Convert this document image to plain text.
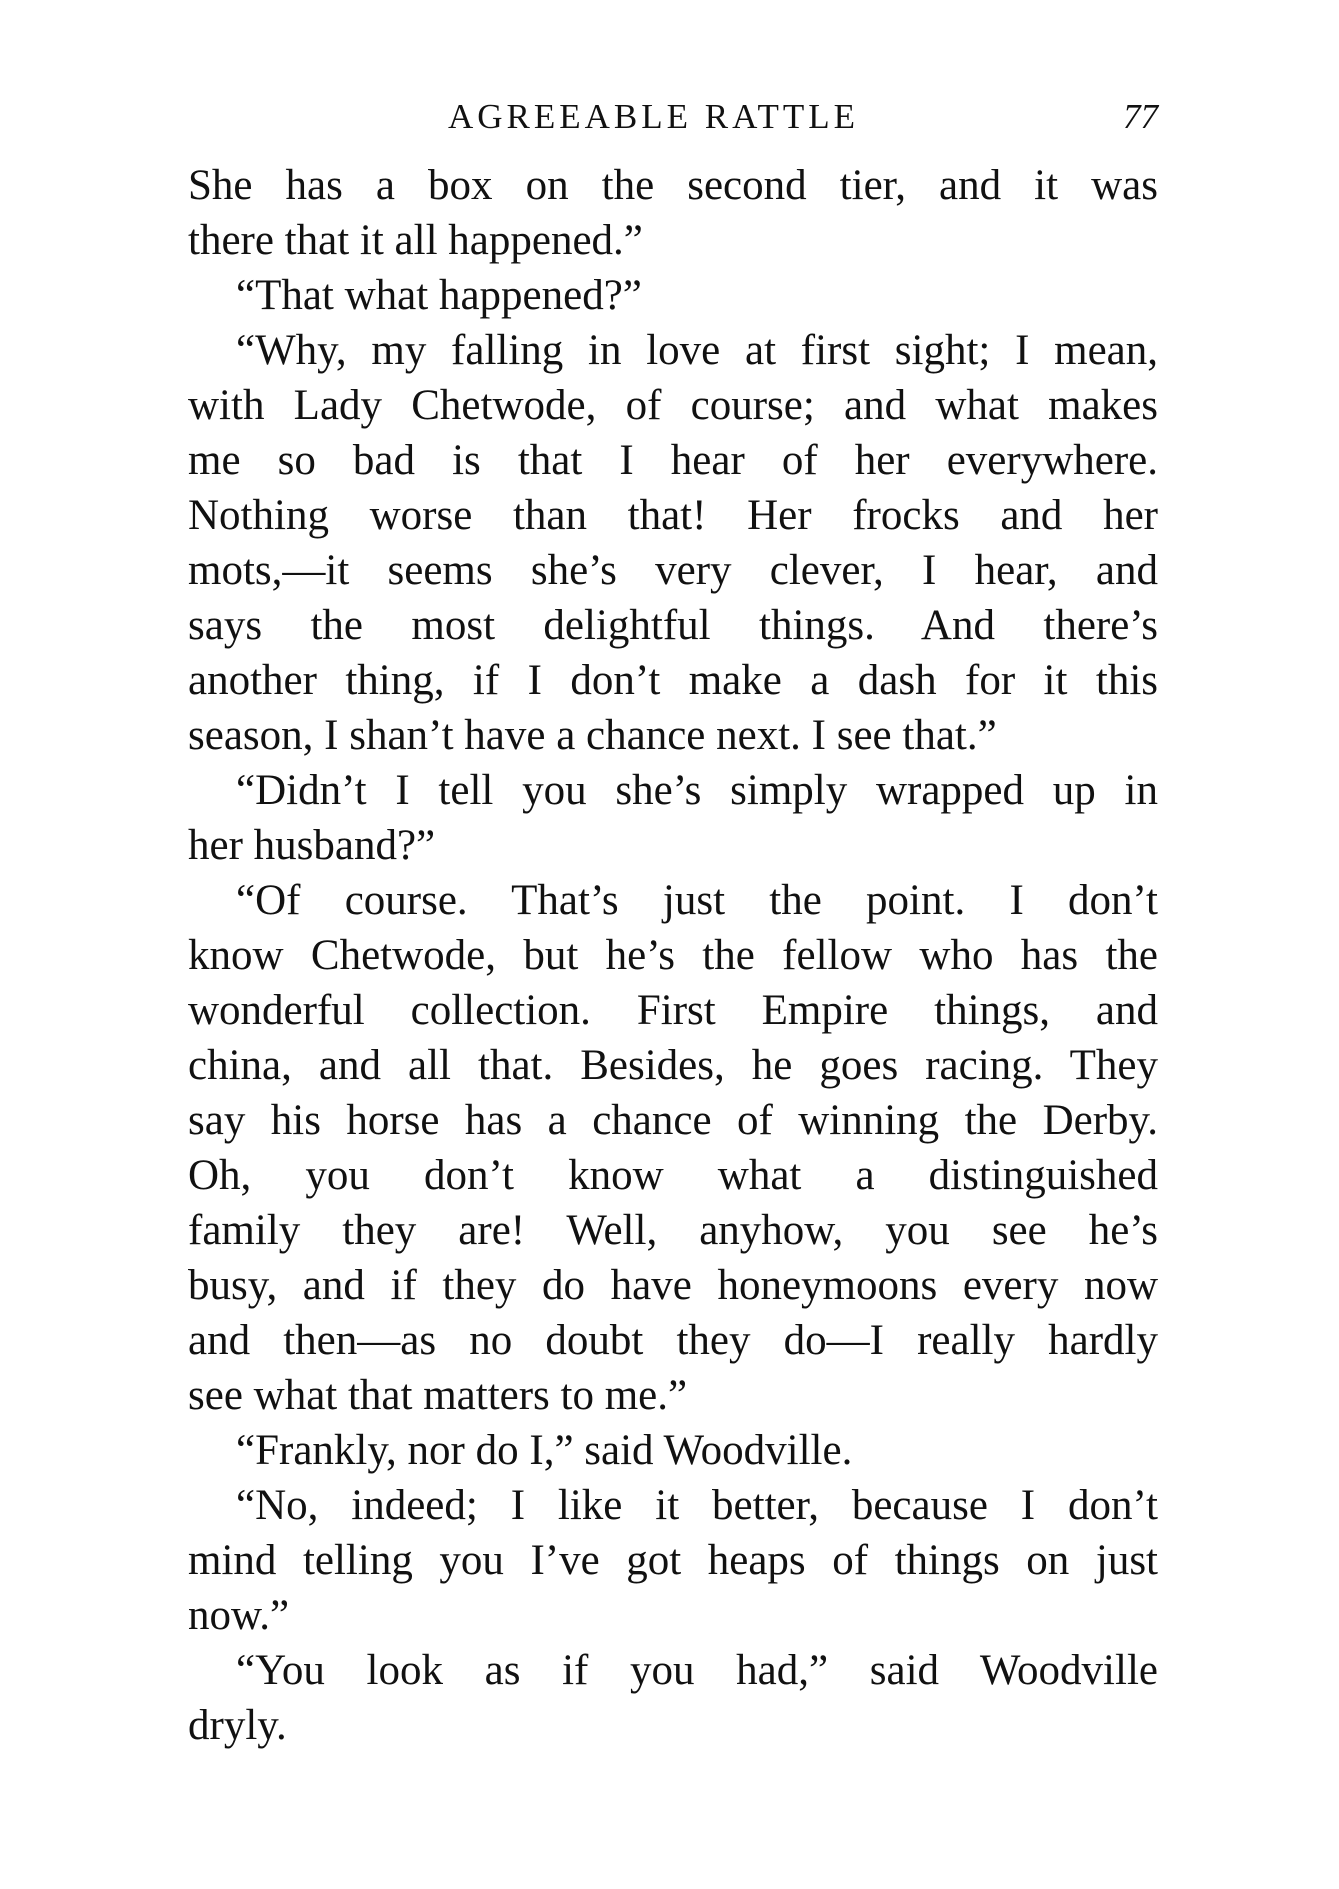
AGREEABLE RATTLE	77
She has a box on the second tier, and it was
there that it all happened.”
“That what happened?”
“Why, my falling in love at first sight; I mean,
with Lady Chetwode, of course; and what makes
me so bad is that I hear of her everywhere.
Nothing worse than that! Her frocks and her
mots,—it seems she’s very clever, I hear, and
says the most delightful things. And there’s
another thing, if I don’t make a dash for it this
season, I shan’t have a chance next. I see that.”
“Didn’t I tell you she’s simply wrapped up in
her husband?”
“Of course. That’s just the point. I don’t
know Chetwode, but he’s the fellow who has the
wonderful collection. First Empire things, and
china, and all that. Besides, he goes racing. They
say his horse has a chance of winning the Derby.
Oh, you don’t know what a distinguished
family they are! Well, anyhow, you see he’s
busy, and if they do have honeymoons every now
and then—as no doubt they do—I really hardly
see what that matters to me.”
“Frankly, nor do I,” said Woodville.
“No, indeed; I like it better, because I don’t
mind telling you I’ve got heaps of things on just
now.”
“You look as if you had,” said Woodville
dryly.
